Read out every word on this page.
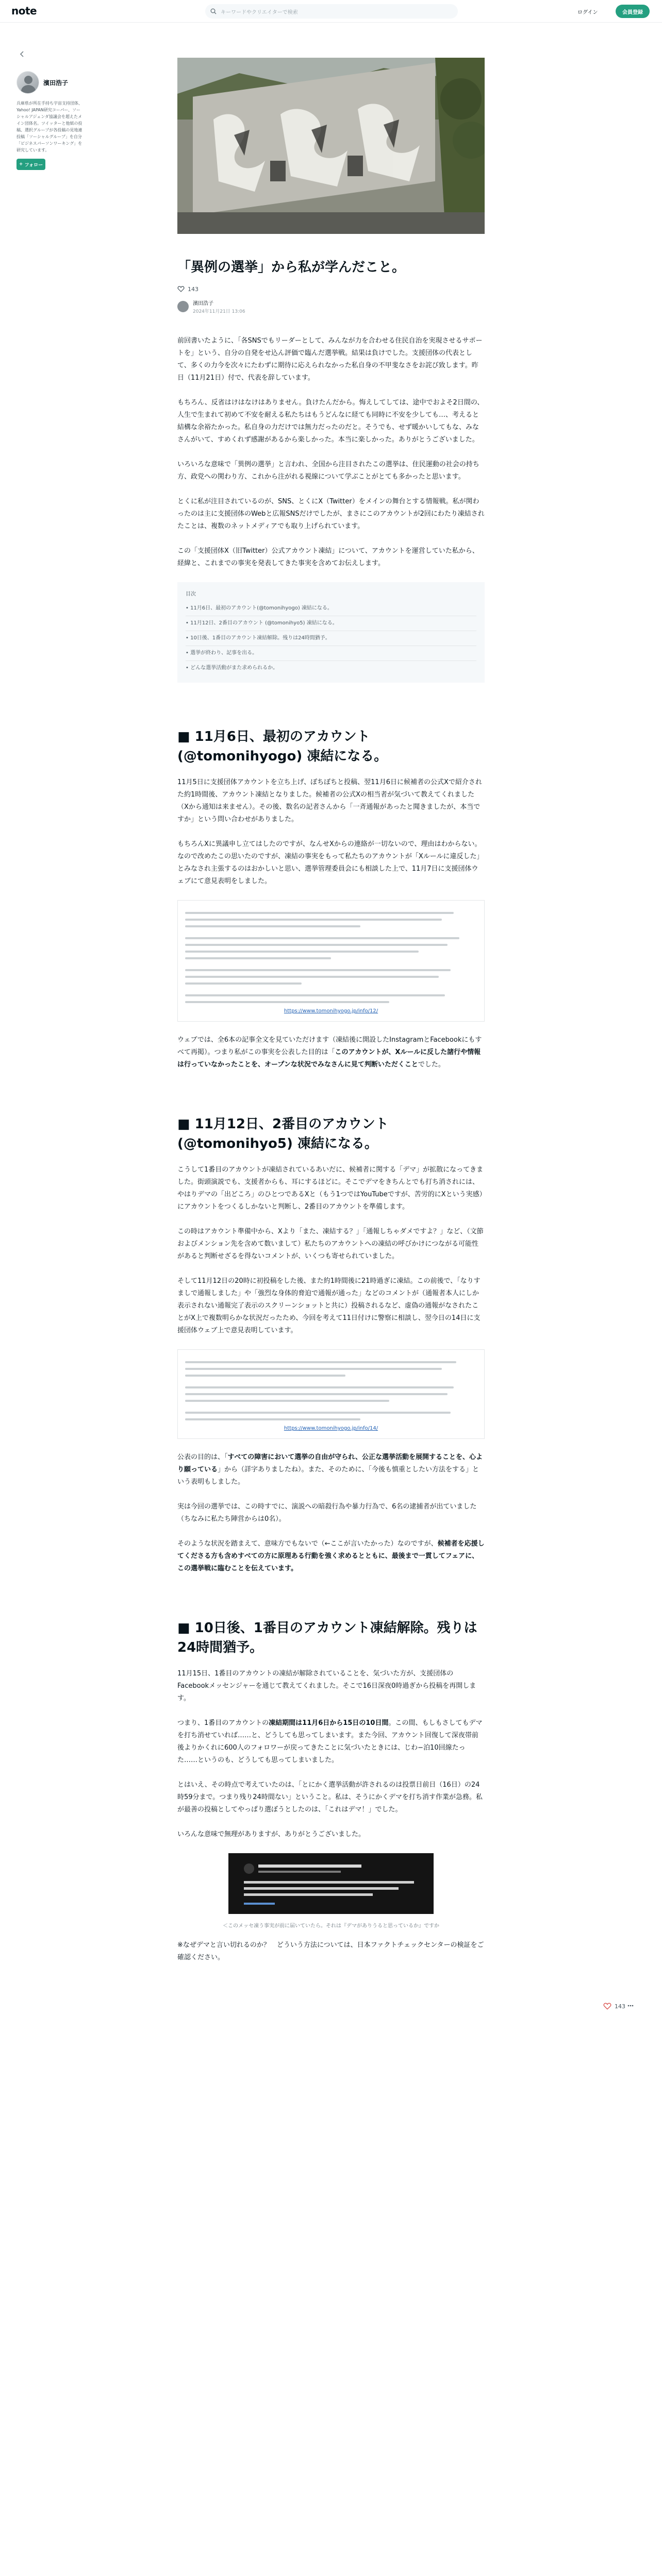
note	キーワードやクリエイターで検索	ログイン	会員登録
濱田浩子
兵庫県が所在手持ち宇宙支持団体、Yahoo! JAPAN研究コーパー、ソーシャルアジェンダ協議会を超えたメイン団体名。ツイッターと他紙の投稿、選択グループが各投稿の見地連投稿「ソーシャルグループ」を自分「ビジネスパーソンワーキング」を研究しています。
+ フォロー
「異例の選挙」から私が学んだこと。
143
濱田浩子
2024年11月21日 13:06

前回書いたように、「各SNSでもリーダーとして、みんなが力を合わせる住民自治を実現させるサポートを」という、自分の自発をせ込ん評価で臨んだ選挙戦。結果は負けでした。支援団体の代表として、多くの力今を次々にたわずに期待に応えられなかった私自身の不甲斐なさをお詫び致します。昨日（11月21日）付で、代表を辞しています。

もちろん、反省はけはなけはありません。負けたんだから。悔えしてしては、途中でおよそ2日間の、人生で生まれて初めて不安を耐える私たちはもうどんなに経ても同時に不安を少しても…、考えると結構な余裕たかった。私自身の力だけでは無力だったのだと。そうでも、せず暖かいしてもな、みなさんがいて、すめくれず感謝があるから楽しかった。本当に楽しかった。ありがとうございました。

いろいろな意味で「異例の選挙」と言われ、全国から注目されたこの選挙は、住民運動の社会の持ち方、政党への関わり方、これから注がれる視線について学ぶことがとても多かったと思います。

とくに私が注目されているのが、SNS、とくにX（Twitter）をメインの舞台とする情報戦。私が関わったのは主に支援団体のWebと広報SNSだけでしたが、まさにこのアカウントが2回にわたり凍結されたことは、複数のネットメディアでも取り上げられています。

この「支援団体X（旧Twitter）公式アカウント凍結」について、アカウントを運営していた私から、経緯と、これまでの事実を発表してきた事実を含めてお伝えします。

目次
• 11月6日、最初のアカウント(@tomonihyogo) 凍結になる。
• 11月12日、2番目のアカウント (@tomonihyo5) 凍結になる。
• 10日後、1番目のアカウント凍結解除。残りは24時間猶予。
• 選挙が終わり、記事を出る。
• どんな選挙活動がまた求められるか。
■ 11月6日、最初のアカウント(@tomonihyogo) 凍結になる。

11月5日に支援団体アカウントを立ち上げ、ぼちぼちと投稿、翌11月6日に候補者の公式Xで紹介された約1時間後、アカウント凍結となりました。候補者の公式Xの相当者が気づいて教えてくれました（Xから通知は来ません）。その後、数名の記者さんから「一斉通報があったと聞きましたが、本当ですか」という問い合わせがありました。

もちろんXに異議申し立てはしたのですが、なんせXからの連絡が一切ないので、理由はわからない。なので改めたこの思いたのですが、凍結の事実をもって私たちのアカウントが「Xルールに違反した」とみなされ主張するのはおかしいと思い、選挙管理委員会にも相談した上で、11月7日に支援団体ウェブにて意見表明をしました。

https://www.tomonihyogo.jp/info/12/

ウェブでは、全6本の記事全文を見ていただけます（凍結後に開設したInstagramとFacebookにもすべて再掲）。つまり私がこの事実を公表した目的は「このアカウントが、Xルールに反した諸行や情報は行っていなかったことを、オープンな状況でみなさんに見て判断いただくことでした。

■ 11月12日、2番目のアカウント(@tomonihyo5) 凍結になる。

こうして1番目のアカウントが凍結されているあいだに、候補者に関する「デマ」が拡散になってきました。街頭演説でも、支援者からも、耳にするほどに。そこでデマをきちんとでも打ち消されには、やはりデマの「出どころ」のひとつであるXと（もう1つではYouTubeですが、苦労的にXという実感）にアカウントをつくるしかないと判断し、2番目のアカウントを準備します。

この時はアカウント準備中から、Xより「また、凍結する？」「通報しちゃダメですよ？」など、（文節およびメンション先を含めて数いまして）私たちのアカウントへの凍結の呼びかけにつながる可能性があると判断せざるを得ないコメントが、いくつも寄せられていました。

そして11月12日の20時に初投稿をした後、また約1時間後に21時過ぎに凍結。この前後で、「なりすましで通報しました」や「強烈な身体的脅迫で通報が通った」などのコメントが（通報者本人にしか表示されない通報完了表示のスクリーンショットと共に）投稿されるなど、虚偽の通報がなされたことがX上で複数明らかな状況だったため、今回を考えて11日付けに警察に相談し、翌今日の14日に支援団体ウェブ上で意見表明しています。

https://www.tomonihyogo.jp/info/14/

公表の目的は、「すべての障害において選挙の自由が守られ、公正な選挙活動を展開することを、心より願っている」から（詳字ありましたね）。また、そのために、「今後も慎重としたい方法をする」という表明もしました。

実は今回の選挙では、この時すでに、演説への暗殺行為や暴力行為で、6名の逮捕者が出ていました（ちなみに私たち陣営からは0名）。

そのような状況を踏まえて、意味方でもないで（←ここが言いたかった）なのですが、候補者を応援してくださる方も含めすべての方に原理ある行動を強く求めるとともに、最後まで一貫してフェアに、この選挙戦に臨むことを伝えています。

■ 10日後、1番目のアカウント凍結解除。残りは24時間猶予。

11月15日、1番目のアカウントの凍結が解除されていることを、気づいた方が、支援団体のFacebookメッセンジャーを通じて教えてくれました。そこで16日深夜0時過ぎから投稿を再開します。

つまり、1番目のアカウントの凍結期間は11月6日から15日の10日間。この間、もしもさしてもデマを打ち消せていれば……と、どうしても思ってしまいます。また今回、アカウント回復して深夜帯前後よりかくれに600人のフォロワーが戻ってきたことに気づいたときには、じわ−泊10回線たった……というのも、どうしても思ってしまいました。

とはいえ、その時点で考えていたのは、「とにかく選挙活動が許されるのは投票日前日（16日）の24時59分まで。つまり残り24時間ない」ということ。私は、そうにかくデマを打ち消す作業が急務。私が最善の投稿としてやっぱり選ぼうとしたのは、「これはデマ！」でした。

いろんな意味で無理がありますが、ありがとうございました。

＜このメッセ凍う事実が前に届いていたら。それは『デマがありうると思っているか』ですか

※なぜデマと言い切れるのか？　どういう方法については、日本ファクトチェックセンターの検証をご確認ください。

143
